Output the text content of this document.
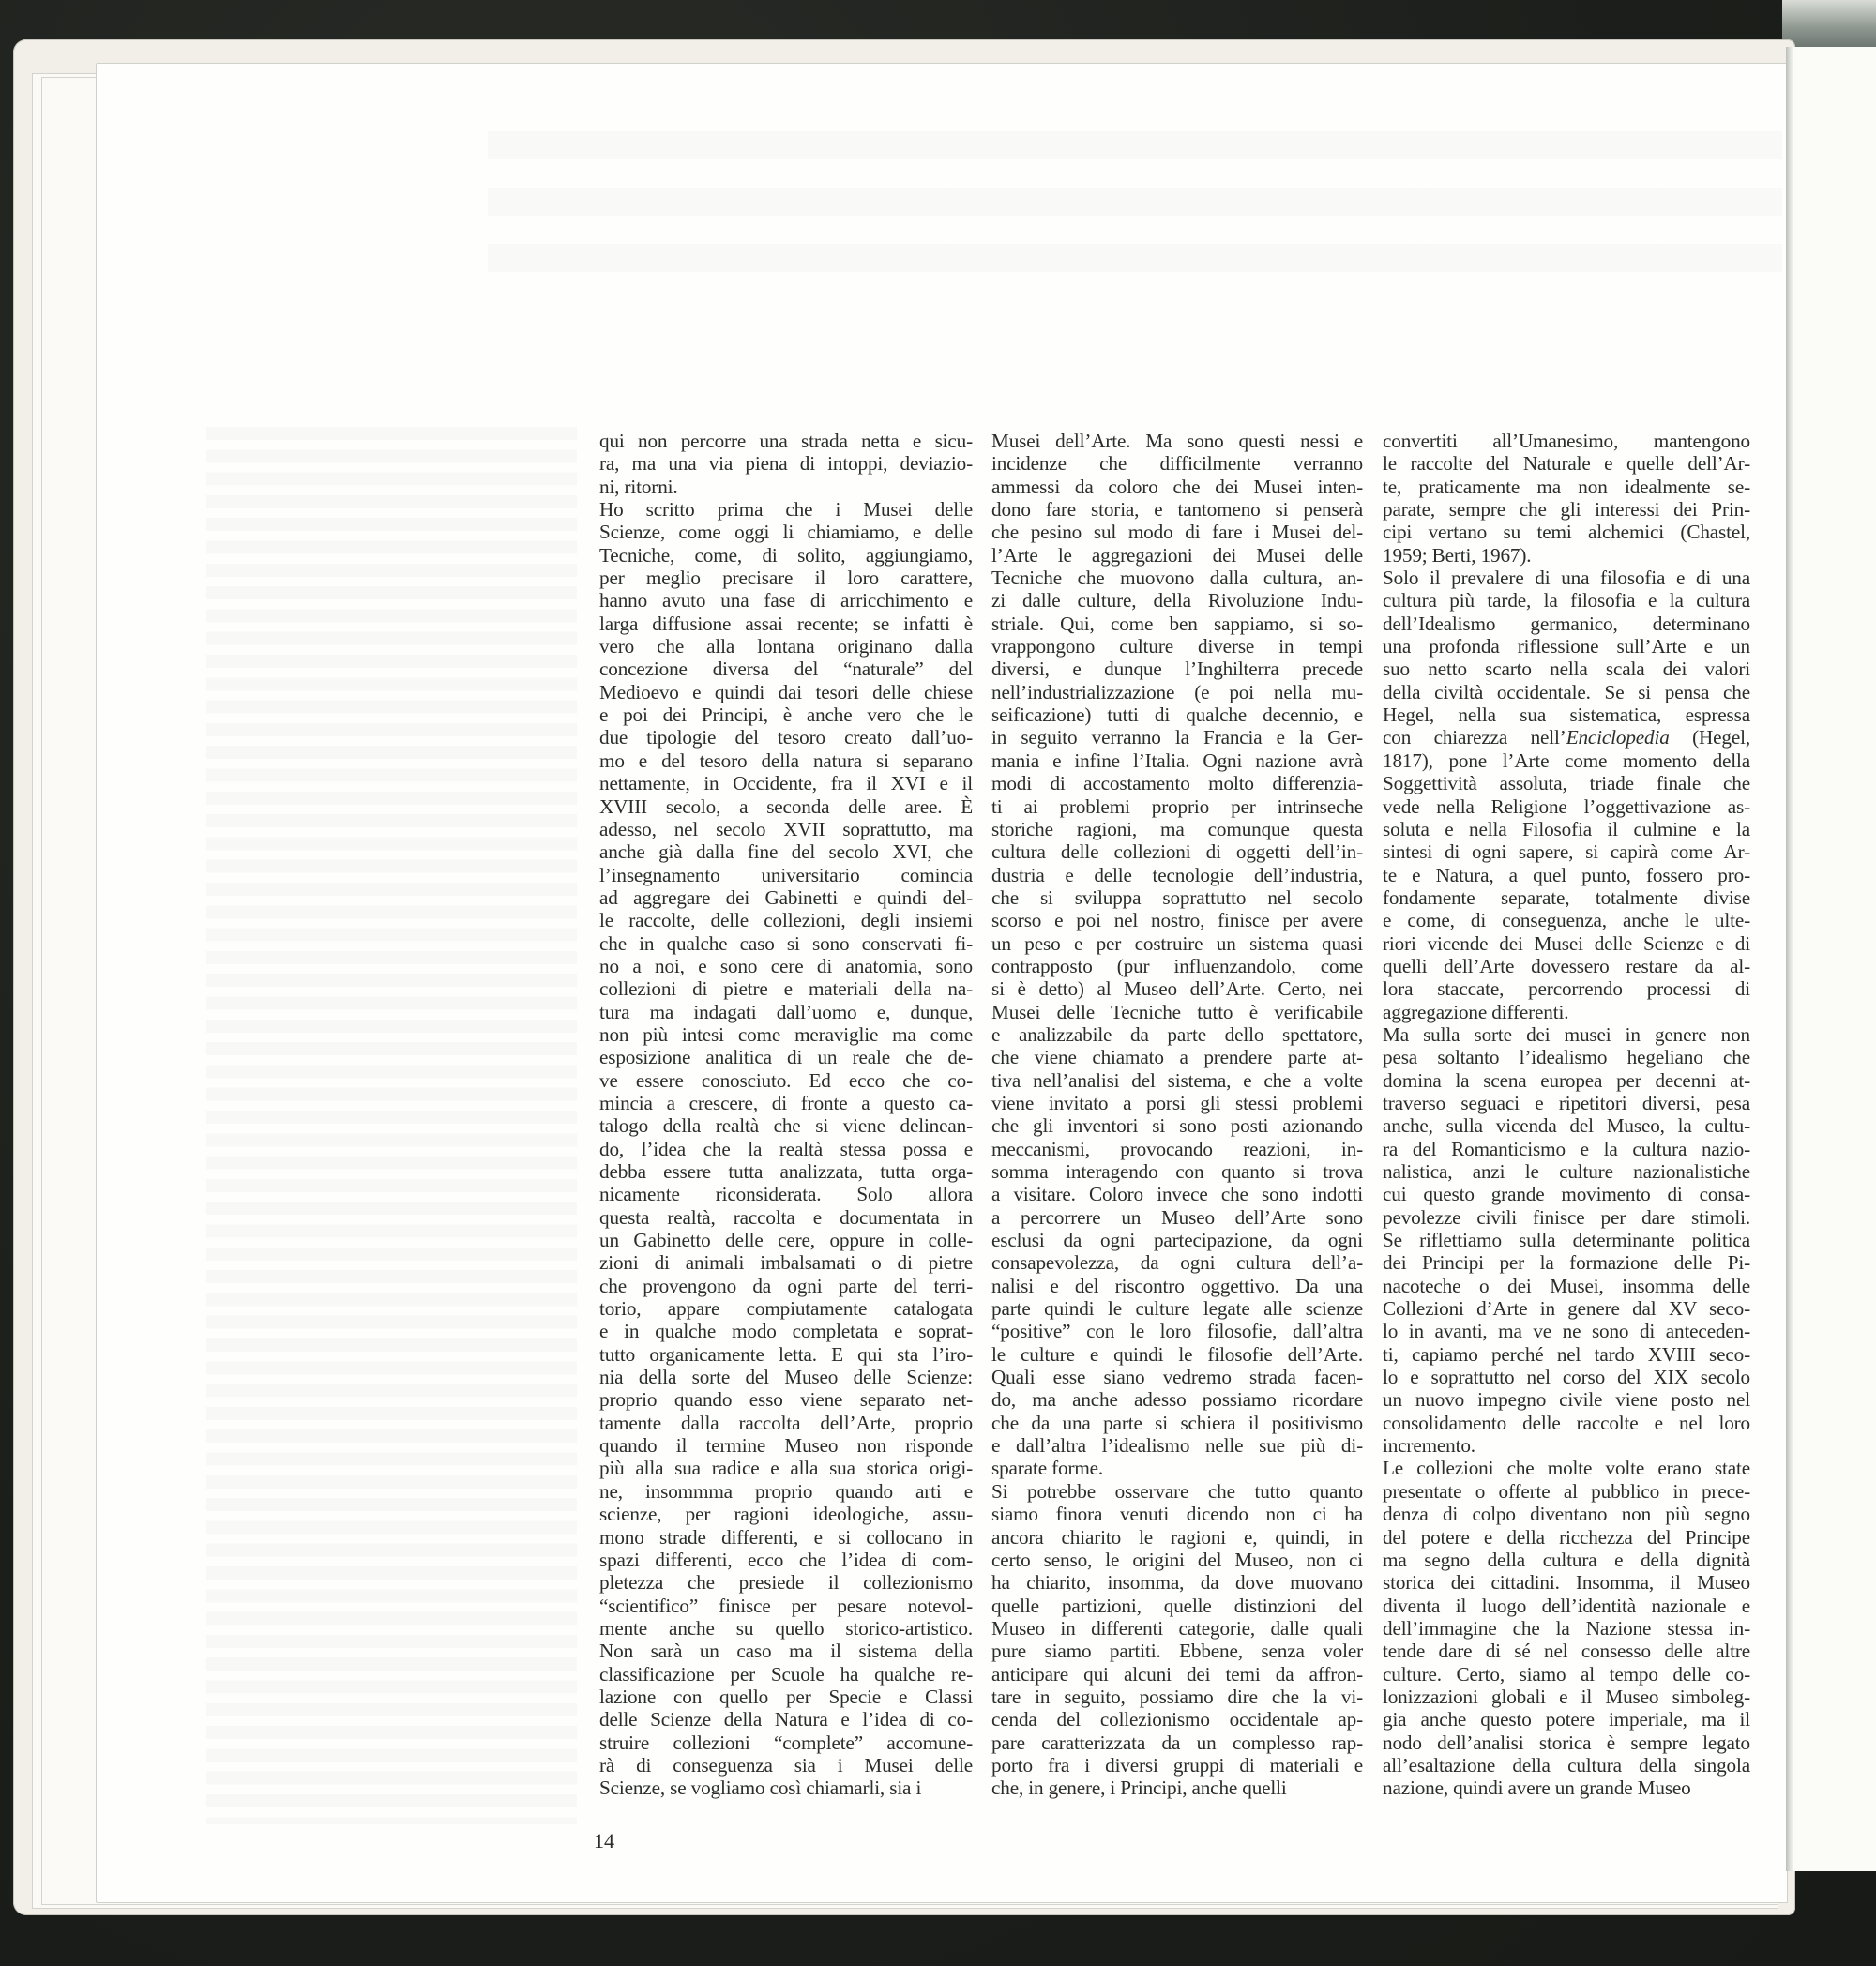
qui non percorre una strada netta e sicu-
ra, ma una via piena di intoppi, deviazio-
ni, ritorni.
Ho scritto prima che i Musei delle
Scienze, come oggi li chiamiamo, e delle
Tecniche, come, di solito, aggiungiamo,
per meglio precisare il loro carattere,
hanno avuto una fase di arricchimento e
larga diffusione assai recente; se infatti è
vero che alla lontana originano dalla
concezione diversa del “naturale” del
Medioevo e quindi dai tesori delle chiese
e poi dei Principi, è anche vero che le
due tipologie del tesoro creato dall’uo-
mo e del tesoro della natura si separano
nettamente, in Occidente, fra il XVI e il
XVIII secolo, a seconda delle aree. È
adesso, nel secolo XVII soprattutto, ma
anche già dalla fine del secolo XVI, che
l’insegnamento universitario comincia
ad aggregare dei Gabinetti e quindi del-
le raccolte, delle collezioni, degli insiemi
che in qualche caso si sono conservati fi-
no a noi, e sono cere di anatomia, sono
collezioni di pietre e materiali della na-
tura ma indagati dall’uomo e, dunque,
non più intesi come meraviglie ma come
esposizione analitica di un reale che de-
ve essere conosciuto. Ed ecco che co-
mincia a crescere, di fronte a questo ca-
talogo della realtà che si viene delinean-
do, l’idea che la realtà stessa possa e
debba essere tutta analizzata, tutta orga-
nicamente riconsiderata. Solo allora
questa realtà, raccolta e documentata in
un Gabinetto delle cere, oppure in colle-
zioni di animali imbalsamati o di pietre
che provengono da ogni parte del terri-
torio, appare compiutamente catalogata
e in qualche modo completata e soprat-
tutto organicamente letta. E qui sta l’iro-
nia della sorte del Museo delle Scienze:
proprio quando esso viene separato net-
tamente dalla raccolta dell’Arte, proprio
quando il termine Museo non risponde
più alla sua radice e alla sua storica origi-
ne, insommma proprio quando arti e
scienze, per ragioni ideologiche, assu-
mono strade differenti, e si collocano in
spazi differenti, ecco che l’idea di com-
pletezza che presiede il collezionismo
“scientifico” finisce per pesare notevol-
mente anche su quello storico-artistico.
Non sarà un caso ma il sistema della
classificazione per Scuole ha qualche re-
lazione con quello per Specie e Classi
delle Scienze della Natura e l’idea di co-
struire collezioni “complete” accomune-
rà di conseguenza sia i Musei delle
Scienze, se vogliamo così chiamarli, sia i
Musei dell’Arte. Ma sono questi nessi e
incidenze che difficilmente verranno
ammessi da coloro che dei Musei inten-
dono fare storia, e tantomeno si penserà
che pesino sul modo di fare i Musei del-
l’Arte le aggregazioni dei Musei delle
Tecniche che muovono dalla cultura, an-
zi dalle culture, della Rivoluzione Indu-
striale. Qui, come ben sappiamo, si so-
vrappongono culture diverse in tempi
diversi, e dunque l’Inghilterra precede
nell’industrializzazione (e poi nella mu-
seificazione) tutti di qualche decennio, e
in seguito verranno la Francia e la Ger-
mania e infine l’Italia. Ogni nazione avrà
modi di accostamento molto differenzia-
ti ai problemi proprio per intrinseche
storiche ragioni, ma comunque questa
cultura delle collezioni di oggetti dell’in-
dustria e delle tecnologie dell’industria,
che si sviluppa soprattutto nel secolo
scorso e poi nel nostro, finisce per avere
un peso e per costruire un sistema quasi
contrapposto (pur influenzandolo, come
si è detto) al Museo dell’Arte. Certo, nei
Musei delle Tecniche tutto è verificabile
e analizzabile da parte dello spettatore,
che viene chiamato a prendere parte at-
tiva nell’analisi del sistema, e che a volte
viene invitato a porsi gli stessi problemi
che gli inventori si sono posti azionando
meccanismi, provocando reazioni, in-
somma interagendo con quanto si trova
a visitare. Coloro invece che sono indotti
a percorrere un Museo dell’Arte sono
esclusi da ogni partecipazione, da ogni
consapevolezza, da ogni cultura dell’a-
nalisi e del riscontro oggettivo. Da una
parte quindi le culture legate alle scienze
“positive” con le loro filosofie, dall’altra
le culture e quindi le filosofie dell’Arte.
Quali esse siano vedremo strada facen-
do, ma anche adesso possiamo ricordare
che da una parte si schiera il positivismo
e dall’altra l’idealismo nelle sue più di-
sparate forme.
Si potrebbe osservare che tutto quanto
siamo finora venuti dicendo non ci ha
ancora chiarito le ragioni e, quindi, in
certo senso, le origini del Museo, non ci
ha chiarito, insomma, da dove muovano
quelle partizioni, quelle distinzioni del
Museo in differenti categorie, dalle quali
pure siamo partiti. Ebbene, senza voler
anticipare qui alcuni dei temi da affron-
tare in seguito, possiamo dire che la vi-
cenda del collezionismo occidentale ap-
pare caratterizzata da un complesso rap-
porto fra i diversi gruppi di materiali e
che, in genere, i Principi, anche quelli
convertiti all’Umanesimo, mantengono
le raccolte del Naturale e quelle dell’Ar-
te, praticamente ma non idealmente se-
parate, sempre che gli interessi dei Prin-
cipi vertano su temi alchemici (Chastel,
1959; Berti, 1967).
Solo il prevalere di una filosofia e di una
cultura più tarde, la filosofia e la cultura
dell’Idealismo germanico, determinano
una profonda riflessione sull’Arte e un
suo netto scarto nella scala dei valori
della civiltà occidentale. Se si pensa che
Hegel, nella sua sistematica, espressa
con chiarezza nell’Enciclopedia (Hegel,
1817), pone l’Arte come momento della
Soggettività assoluta, triade finale che
vede nella Religione l’oggettivazione as-
soluta e nella Filosofia il culmine e la
sintesi di ogni sapere, si capirà come Ar-
te e Natura, a quel punto, fossero pro-
fondamente separate, totalmente divise
e come, di conseguenza, anche le ulte-
riori vicende dei Musei delle Scienze e di
quelli dell’Arte dovessero restare da al-
lora staccate, percorrendo processi di
aggregazione differenti.
Ma sulla sorte dei musei in genere non
pesa soltanto l’idealismo hegeliano che
domina la scena europea per decenni at-
traverso seguaci e ripetitori diversi, pesa
anche, sulla vicenda del Museo, la cultu-
ra del Romanticismo e la cultura nazio-
nalistica, anzi le culture nazionalistiche
cui questo grande movimento di consa-
pevolezze civili finisce per dare stimoli.
Se riflettiamo sulla determinante politica
dei Principi per la formazione delle Pi-
nacoteche o dei Musei, insomma delle
Collezioni d’Arte in genere dal XV seco-
lo in avanti, ma ve ne sono di anteceden-
ti, capiamo perché nel tardo XVIII seco-
lo e soprattutto nel corso del XIX secolo
un nuovo impegno civile viene posto nel
consolidamento delle raccolte e nel loro
incremento.
Le collezioni che molte volte erano state
presentate o offerte al pubblico in prece-
denza di colpo diventano non più segno
del potere e della ricchezza del Principe
ma segno della cultura e della dignità
storica dei cittadini. Insomma, il Museo
diventa il luogo dell’identità nazionale e
dell’immagine che la Nazione stessa in-
tende dare di sé nel consesso delle altre
culture. Certo, siamo al tempo delle co-
lonizzazioni globali e il Museo simboleg-
gia anche questo potere imperiale, ma il
nodo dell’analisi storica è sempre legato
all’esaltazione della cultura della singola
nazione, quindi avere un grande Museo
14
